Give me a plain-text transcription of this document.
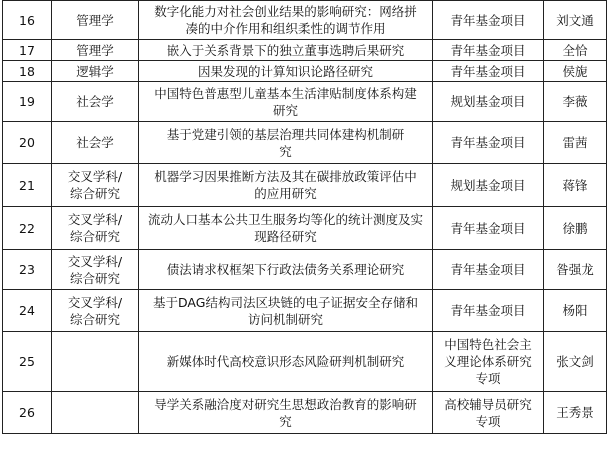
16	管理学	数字化能力对社会创业结果的影响研究：网络拼凑的中介作用和组织柔性的调节作用	青年基金项目	刘文通
17	管理学	嵌入于关系背景下的独立董事选聘后果研究	青年基金项目	全恰
18	逻辑学	因果发现的计算知识论路径研究	青年基金项目	侯旎
19	社会学	中国特色普惠型儿童基本生活津贴制度体系构建研究	规划基金项目	李薇
20	社会学	基于党建引领的基层治理共同体建构机制研究	青年基金项目	雷茜
21	交叉学科/综合研究	机器学习因果推断方法及其在碳排放政策评估中的应用研究	规划基金项目	蒋锋
22	交叉学科/综合研究	流动人口基本公共卫生服务均等化的统计测度及实现路径研究	青年基金项目	徐鹏
23	交叉学科/综合研究	债法请求权框架下行政法债务关系理论研究	青年基金项目	昝强龙
24	交叉学科/综合研究	基于DAG结构司法区块链的电子证据安全存储和访问机制研究	青年基金项目	杨阳
25		新媒体时代高校意识形态风险研判机制研究	中国特色社会主义理论体系研究专项	张文剑
26		导学关系融洽度对研究生思想政治教育的影响研究	高校辅导员研究专项	王秀景
